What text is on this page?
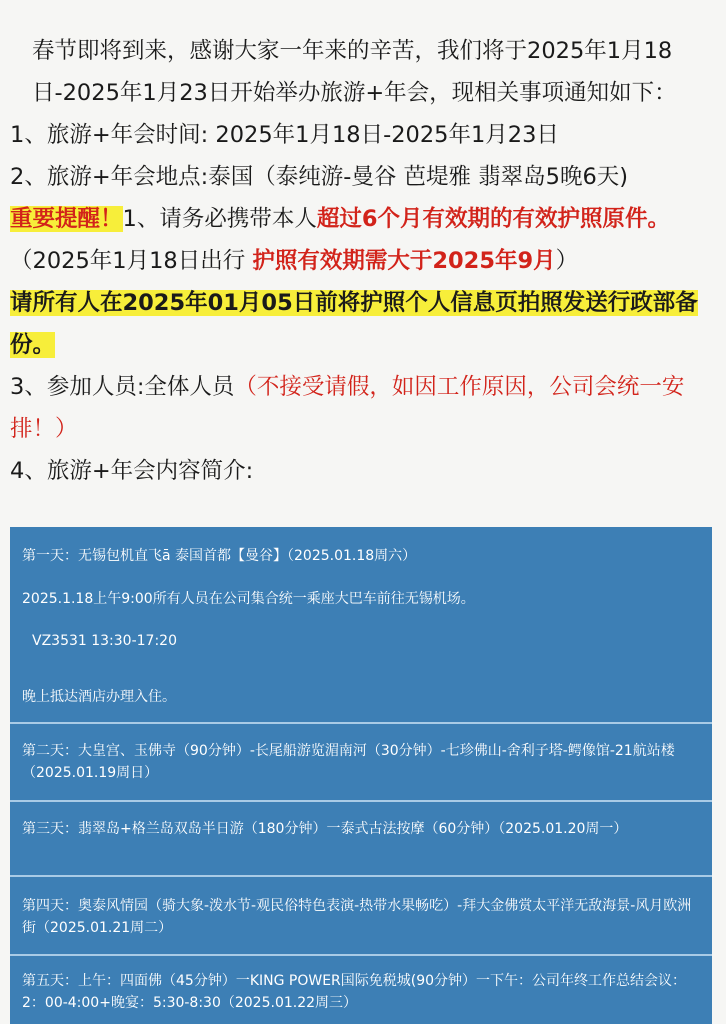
春节即将到来，感谢大家一年来的辛苦，我们将于2025年1月18日-2025年1月23日开始举办旅游+年会，现相关事项通知如下：

1、旅游+年会时间: 2025年1月18日-2025年1月23日

2、旅游+年会地点:泰国（泰纯游-曼谷 芭堤雅 翡翠岛5晚6天)

重要提醒！1、请务必携带本人超过6个月有效期的有效护照原件。（2025年1月18日出行 护照有效期需大于2025年9月）

请所有人在2025年01月05日前将护照个人信息页拍照发送行政部备份。

3、参加人员:全体人员（不接受请假，如因工作原因，公司会统一安排！）

4、旅游+年会内容简介:

第一天：无锡包机直飞ā 泰国首都【曼谷】（2025.01.18周六）
2025.1.18上午9:00所有人员在公司集合统一乘座大巴车前往无锡机场。
VZ3531 13:30-17:20
晚上抵达酒店办理入住。
第二天：大皇宫、玉佛寺（90分钟）-长尾船游览湄南河（30分钟）-七珍佛山-舍利子塔-鳄像馆-21航站楼（2025.01.19周日）
第三天：翡翠岛+格兰岛双岛半日游（180分钟）一泰式古法按摩（60分钟）（2025.01.20周一）
第四天：奥泰风情园（骑大象-泼水节-观民俗特色表演-热带水果畅吃）-拜大金佛赏太平洋无敌海景-风月欧洲街（2025.01.21周二）
第五天：上午：四面佛（45分钟）一KING POWER国际免税城(90分钟）一下午：公司年终工作总结会议：2：00-4:00+晚宴：5:30-8:30（2025.01.22周三）
